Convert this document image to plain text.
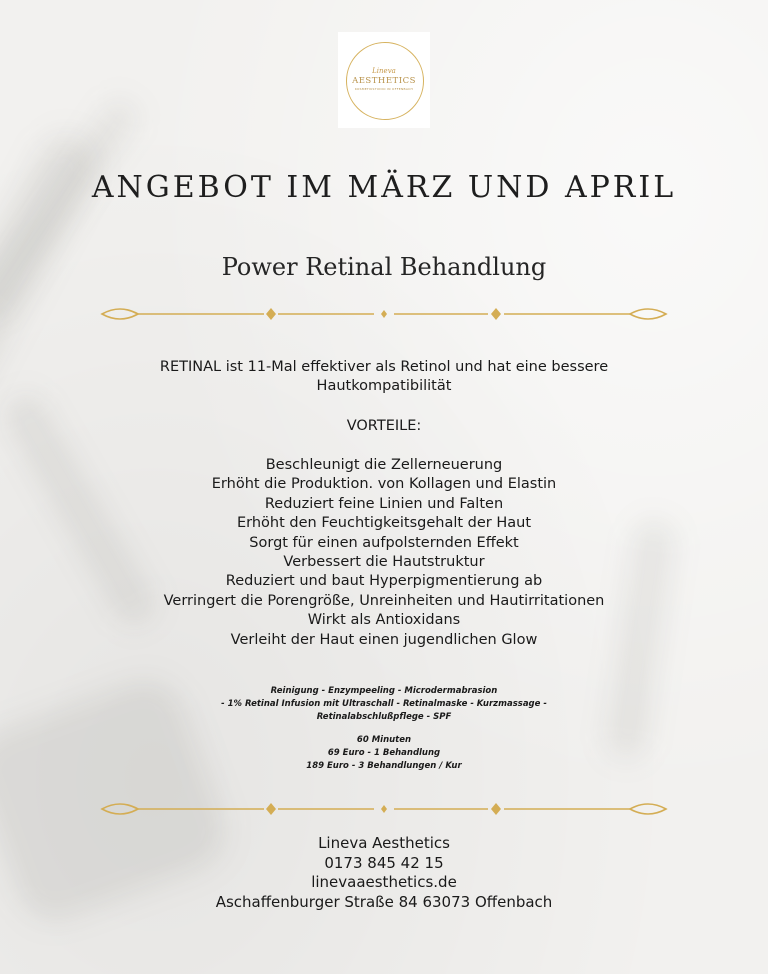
Lineva
AESTHETICS
KOSMETIKSTUDIO IN OFFENBACH
ANGEBOT IM MÄRZ UND APRIL
Power Retinal Behandlung
RETINAL ist 11-Mal effektiver als Retinol und hat eine bessere
Hautkompatibilität
VORTEILE:
Beschleunigt die Zellerneuerung
Erhöht die Produktion. von Kollagen und Elastin
Reduziert feine Linien und Falten
Erhöht den Feuchtigkeitsgehalt der Haut
Sorgt für einen aufpolsternden Effekt
Verbessert die Hautstruktur
Reduziert und baut Hyperpigmentierung ab
Verringert die Porengröße, Unreinheiten und Hautirritationen
Wirkt als Antioxidans
Verleiht der Haut einen jugendlichen Glow
Reinigung - Enzympeeling - Microdermabrasion
- 1% Retinal Infusion mit Ultraschall - Retinalmaske - Kurzmassage -
Retinalabschlußpflege - SPF
60 Minuten
69 Euro - 1 Behandlung
189 Euro - 3 Behandlungen / Kur
Lineva Aesthetics
0173 845 42 15
linevaaesthetics.de
Aschaffenburger Straße 84 63073 Offenbach
